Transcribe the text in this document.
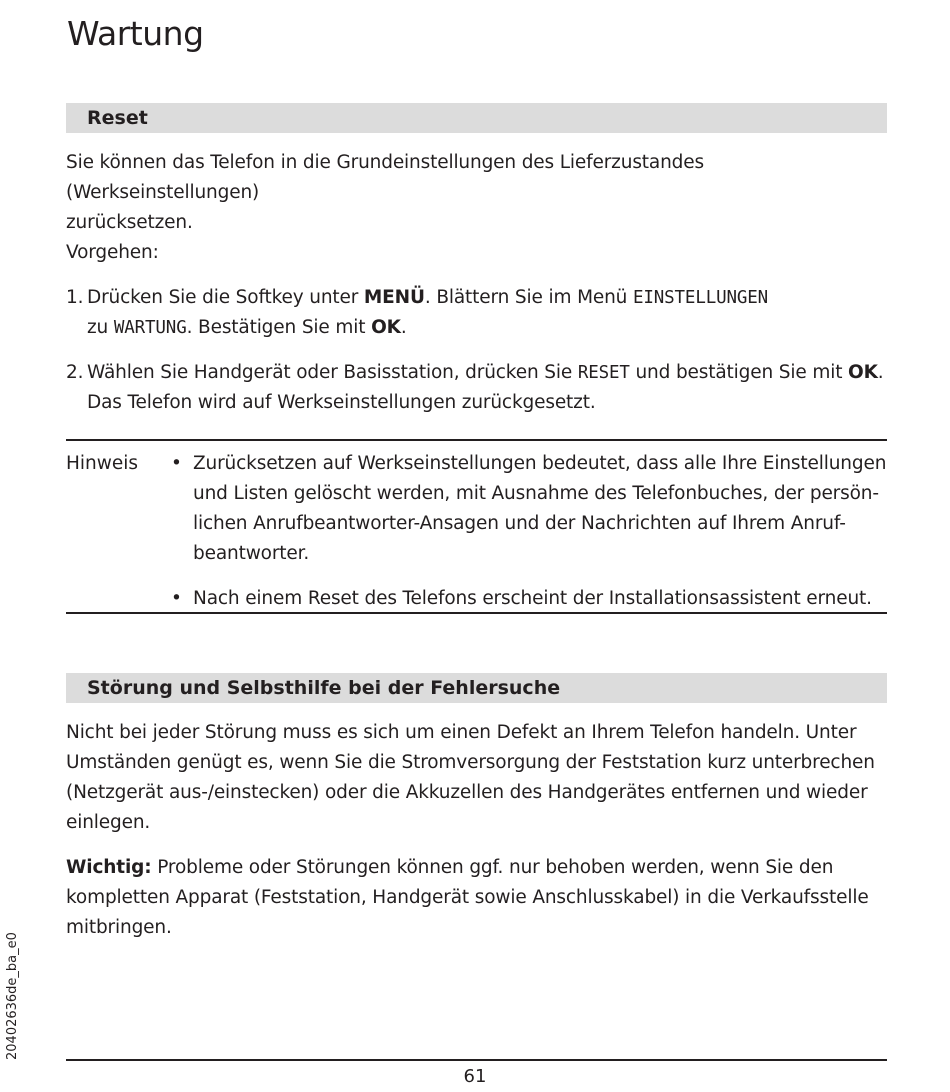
Wartung
Reset
Sie können das Telefon in die Grundeinstellungen des Lieferzustandes (Werkseinstellungen)
zurücksetzen.
Vorgehen:
1. Drücken Sie die Softkey unter MENÜ. Blättern Sie im Menü EINSTELLUNGEN
zu WARTUNG. Bestätigen Sie mit OK.
2. Wählen Sie Handgerät oder Basisstation, drücken Sie RESET und bestätigen Sie mit OK.
Das Telefon wird auf Werkseinstellungen zurückgesetzt.
Hinweis • Zurücksetzen auf Werkseinstellungen bedeutet, dass alle Ihre Einstellungen
und Listen gelöscht werden, mit Ausnahme des Telefonbuches, der persön-
lichen Anrufbeantworter-Ansagen und der Nachrichten auf Ihrem Anruf-
beantworter.
• Nach einem Reset des Telefons erscheint der Installationsassistent erneut.
Störung und Selbsthilfe bei der Fehlersuche
Nicht bei jeder Störung muss es sich um einen Defekt an Ihrem Telefon handeln. Unter
Umständen genügt es, wenn Sie die Stromversorgung der Feststation kurz unterbrechen
(Netzgerät aus-/einstecken) oder die Akkuzellen des Handgerätes entfernen und wieder
einlegen.
Wichtig: Probleme oder Störungen können ggf. nur behoben werden, wenn Sie den
kompletten Apparat (Feststation, Handgerät sowie Anschlusskabel) in die Verkaufsstelle
mitbringen.
20402636de_ba_e0
61
